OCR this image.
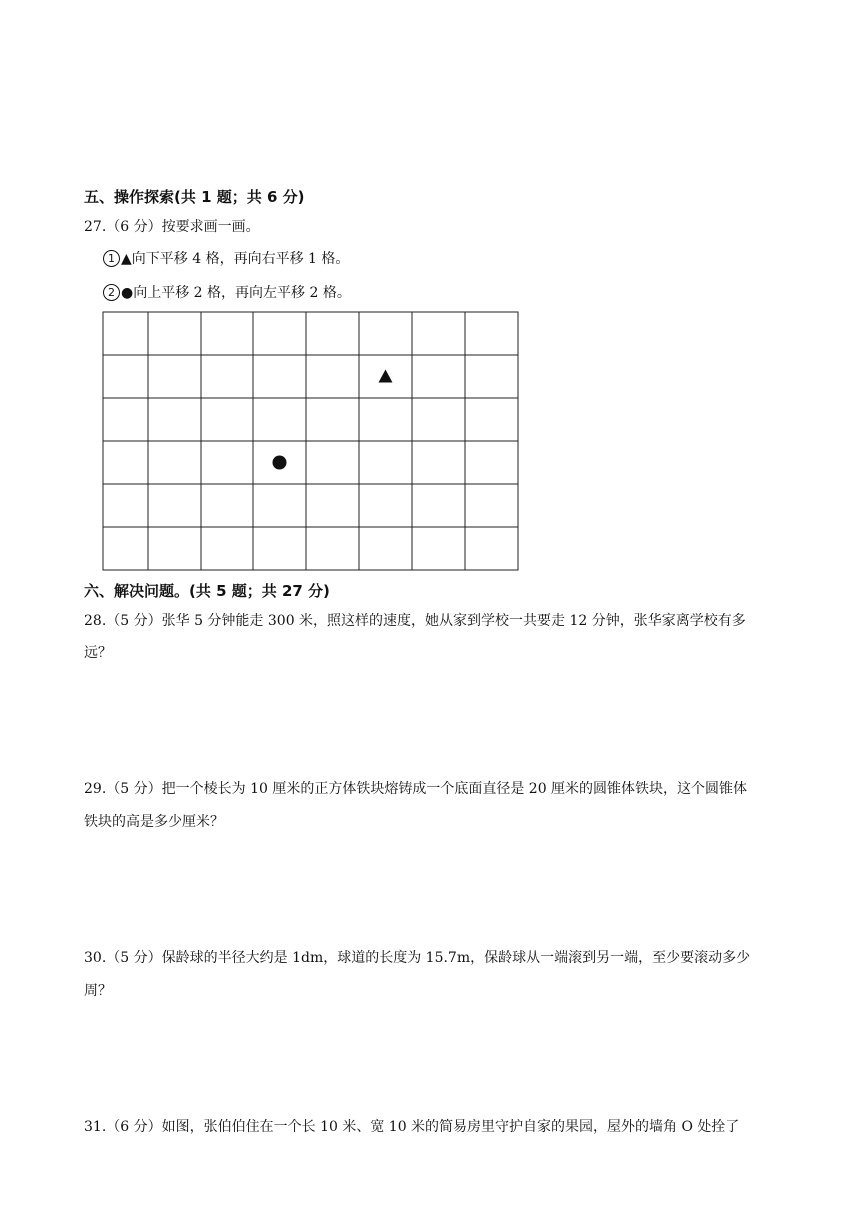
五、操作探索(共 1 题；共 6 分)
27.（6 分）按要求画一画。
1 ▲向下平移 4 格，再向右平移 1 格。
2 ●向上平移 2 格，再向左平移 2 格。
六、解决问题。(共 5 题；共 27 分)
28.（5 分）张华 5 分钟能走 300 米，照这样的速度，她从家到学校一共要走 12 分钟，张华家离学校有多
远？
29.（5 分）把一个棱长为 10 厘米的正方体铁块熔铸成一个底面直径是 20 厘米的圆锥体铁块，这个圆锥体
铁块的高是多少厘米？
30.（5 分）保龄球的半径大约是 1dm，球道的长度为 15.7m，保龄球从一端滚到另一端，至少要滚动多少
周？
31.（6 分）如图，张伯伯住在一个长 10 米、宽 10 米的简易房里守护自家的果园，屋外的墙角 O 处拴了
